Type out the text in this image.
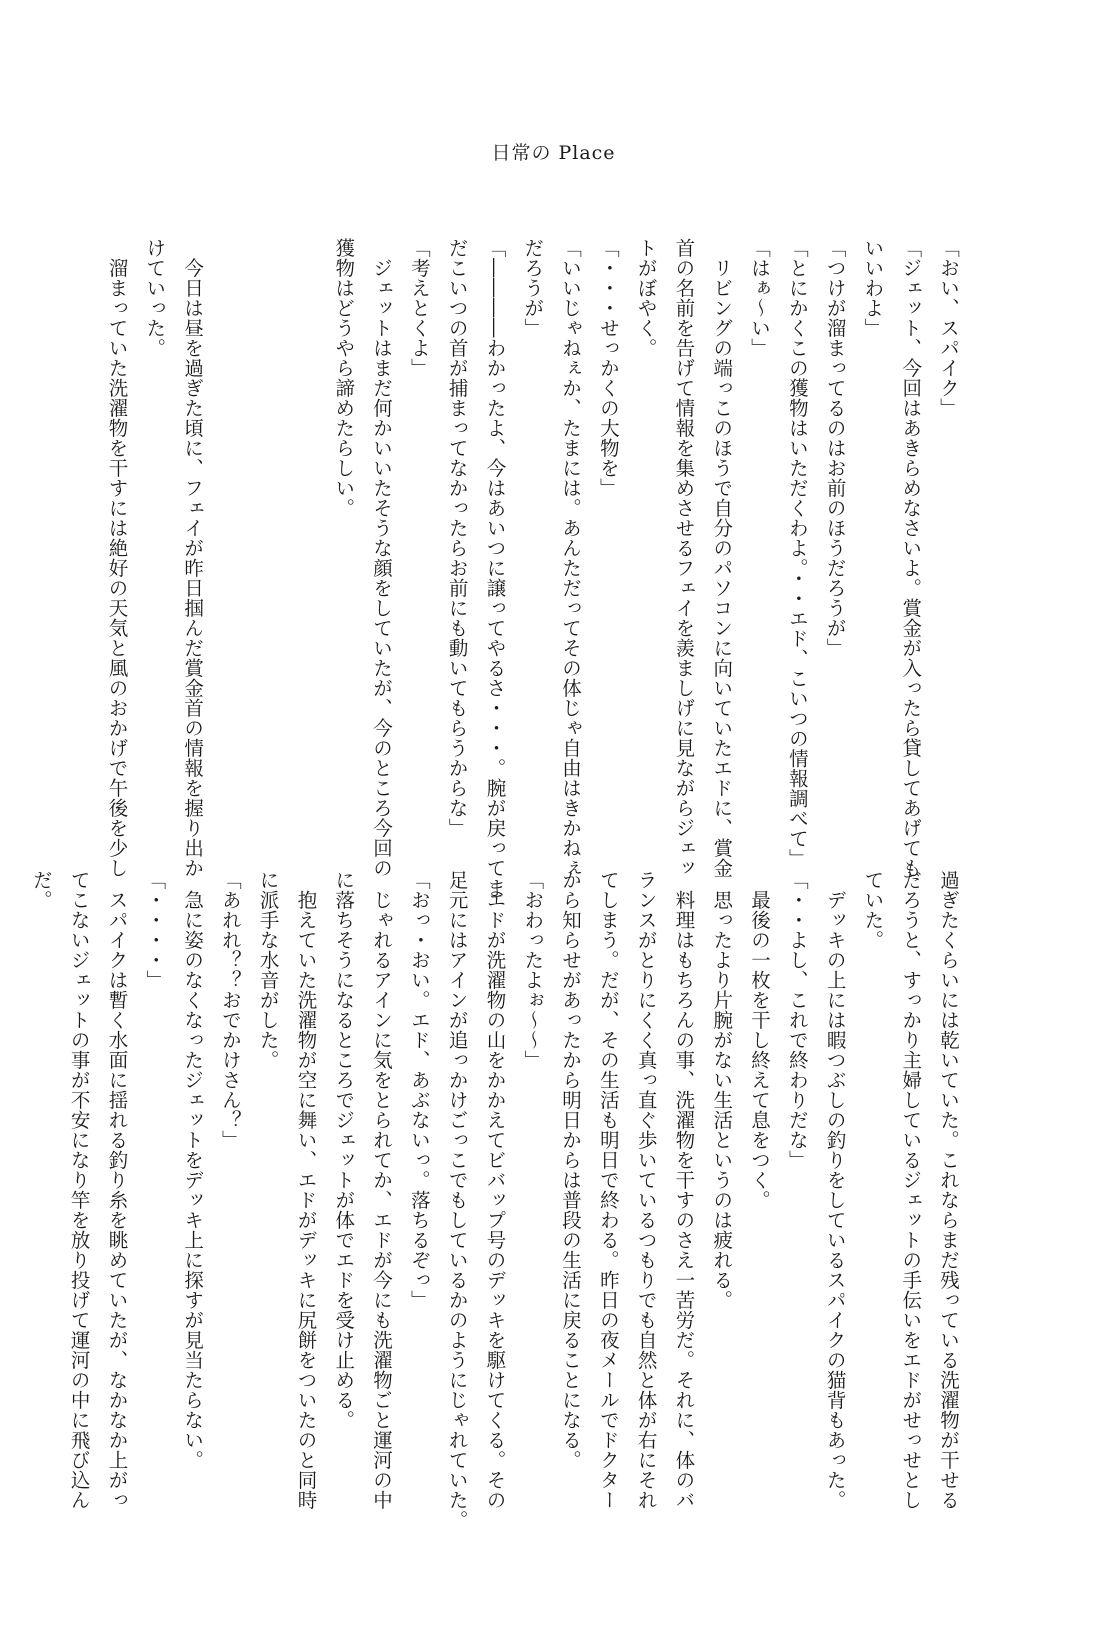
日常の Place
「おい、スパイク」
「ジェット、今回はあきらめなさいよ。賞金が入ったら貸してあげても
いいわよ」
「つけが溜まってるのはお前のほうだろうが」
「とにかくこの獲物はいただくわよ。・・エド、こいつの情報調べて」
「はぁ〜い」
　リビングの端っこのほうで自分のパソコンに向いていたエドに、賞金
首の名前を告げて情報を集めさせるフェイを羨ましげに見ながらジェッ
トがぼやく。
「・・・せっかくの大物を」
「いいじゃねぇか、たまには。あんただってその体じゃ自由はきかねぇ
だろうが」
「――――わかったよ、今はあいつに譲ってやるさ・・・。腕が戻ってま
だこいつの首が捕まってなかったらお前にも動いてもらうからな」
「考えとくよ」
　ジェットはまだ何かいいたそうな顔をしていたが、今のところ今回の
獲物はどうやら諦めたらしい。

　今日は昼を過ぎた頃に、フェイが昨日掴んだ賞金首の情報を握り出か
けていった。
　溜まっていた洗濯物を干すには絶好の天気と風のおかげで午後を少し
過ぎたくらいには乾いていた。これならまだ残っている洗濯物が干せる
だろうと、すっかり主婦しているジェットの手伝いをエドがせっせとし
ていた。
　デッキの上には暇つぶしの釣りをしているスパイクの猫背もあった。
「・・よし、これで終わりだな」
　最後の一枚を干し終えて息をつく。
　思ったより片腕がない生活というのは疲れる。
　料理はもちろんの事、洗濯物を干すのさえ一苦労だ。それに、体のバ
ランスがとりにくく真っ直ぐ歩いているつもりでも自然と体が右にそれ
てしまう。だが、その生活も明日で終わる。昨日の夜メールでドクター
から知らせがあったから明日からは普段の生活に戻ることになる。
「おわったよぉ〜〜」
　エドが洗濯物の山をかかえてビバップ号のデッキを駆けてくる。その
足元にはアインが追っかけごっこでもしているかのようにじゃれていた。
「おっ・おい。エド、あぶないっ。落ちるぞっ」
　じゃれるアインに気をとられてか、エドが今にも洗濯物ごと運河の中
に落ちそうになるところでジェットが体でエドを受け止める。
　抱えていた洗濯物が空に舞い、エドがデッキに尻餅をついたのと同時
に派手な水音がした。
「あれれ？？おでかけさん？」
　急に姿のなくなったジェットをデッキ上に探すが見当たらない。
「・・・・」
　スパイクは暫く水面に揺れる釣り糸を眺めていたが、なかなか上がっ
てこないジェットの事が不安になり竿を放り投げて運河の中に飛び込ん
だ。
